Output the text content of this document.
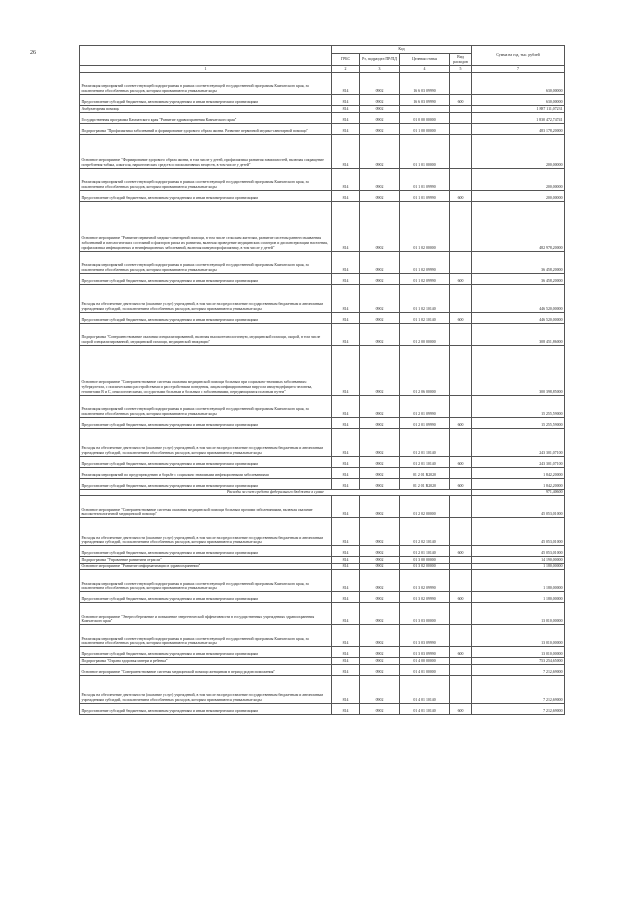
26
	Код				Сумма на год, тыс. рублей
	ГРБС	Рз, подраздел ПР/ПД	Целевая статья	Вид расходов	
1	2	3	4	5	7
Реализация мероприятий соответствующей подпрограммы в рамках соответствующей государственной программы Камчатского края, за исключением обособленных расходов, которым присваиваются уникальные коды	814	0902	16 6 03 09990		630,00000
Предоставление субсидий бюджетным, автономным учреждениям и иным некоммерческим организациям	814	0902	16 6 03 09990	600	630,00000
Амбулаторная помощь	814	0902			1 887 111,07231
Государственная программа Камчатского края "Развитие здравоохранения Камчатского края"	814	0902	01 0 00 00000		1 830 472,74741
Подпрограмма "Профилактика заболеваний и формирование здорового образа жизни. Развитие первичной медико-санитарной помощи"	814	0902	01 1 00 00000		483 178,20000
Основное мероприятие "Формирование здорового образа жизни, в том числе у детей, профилактика развития зависимостей, включая сокращение потребления табака, алкоголя, наркотических средств и психоактивных веществ, в том числе у детей"	814	0902	01 1 01 00000		200,00000
Реализация мероприятий соответствующей подпрограммы в рамках соответствующей государственной программы Камчатского края, за исключением обособленных расходов, которым присваиваются уникальные коды	814	0902	01 1 01 09990		200,00000
Предоставление субсидий бюджетным, автономным учреждениям и иным некоммерческим организациям	814	0902	01 1 01 09990	600	200,00000
Основное мероприятие "Развитие первичной медико-санитарной помощи, в том числе сельским жителям, развитие системы раннего выявления заболеваний и патологических состояний и факторов риска их развития, включая проведение медицинских осмотров и диспансеризации населения, профилактика инфекционных и неинфекционных заболеваний, включая иммунопрофилактику, в том числе у детей"	814	0902	01 1 02 00000		482 978,20000
Реализация мероприятий соответствующей подпрограммы в рамках соответствующей государственной программы Камчатского края, за исключением обособленных расходов, которым присваиваются уникальные коды	814	0902	01 1 02 09990		36 458,20000
Предоставление субсидий бюджетным, автономным учреждениям и иным некоммерческим организациям	814	0902	01 1 02 09990	600	36 458,20000
Расходы на обеспечение деятельности (оказание услуг) учреждений, в том числе на предоставление государственным бюджетным и автономным учреждениям субсидий, за исключением обособленных расходов, которым присваиваются уникальные коды	814	0902	01 1 02 10140		446 520,00000
Предоставление субсидий бюджетным, автономным учреждениям и иным некоммерческим организациям	814	0902	01 1 02 10140	600	446 520,00000
Подпрограмма "Совершенствование оказания специализированной, включая высокотехнологичную, медицинской помощи, скорой, в том числе скорой специализированной, медицинской помощи, медицинской эвакуации"	814	0902	01 2 00 00000		308 451,86000
Основное мероприятие "Совершенствование системы оказания медицинской помощи больным при социально-значимых заболеваниях: туберкулезом, с психическими расстройствами и расстройствами поведения, лицам инфицированным вирусом иммунодефицита человека, гепатитами В и С, онкологическими, сосудистыми больным и больным с заболеваниями, передающимися половым путем"	814	0902	01 2 06 00000		300 398,85000
Реализация мероприятий соответствующей подпрограммы в рамках соответствующей государственной программы Камчатского края, за исключением обособленных расходов, которым присваиваются уникальные коды	814	0902	01 2 01 09990		15 255,59000
Предоставление субсидий бюджетным, автономным учреждениям и иным некоммерческим организациям	814	0902	01 2 01 09990	600	15 255,59000
Расходы на обеспечение деятельности (оказание услуг) учреждений, в том числе на предоставление государственным бюджетным и автономным учреждениям субсидий, за исключением обособленных расходов, которым присваиваются уникальные коды	814	0902	01 2 01 10140		243 301,07100
Предоставление субсидий бюджетным, автономным учреждениям и иным некоммерческим организациям	814	0902	01 2 01 10140	600	243 301,07100
Реализация мероприятий по предупреждению и борьбе с социально значимыми инфекционными заболеваниями	814	0902	01 2 01 R2020		1 842,20000
Предоставление субсидий бюджетным, автономным учреждениям и иным некоммерческим организациям	814	0902	01 2 01 R2020	600	1 842,20000
Расходы за счет средств федерального бюджета в сумме					971,40600
Основное мероприятие "Совершенствование системы оказания медицинской помощи больным прочими заболеваниями, включая оказание высокотехнологичной медицинской помощи"	814	0902	01 2 02 00000		45 053,01000
Расходы на обеспечение деятельности (оказание услуг) учреждений, в том числе на предоставление государственным бюджетным и автономным учреждениям субсидий, за исключением обособленных расходов, которым присваиваются уникальные коды	814	0902	01 2 02 10140		45 053,01000
Предоставление субсидий бюджетным, автономным учреждениям и иным некоммерческим организациям	814	0902	01 2 01 10140	600	45 053,01000
Подпрограмма "Управление развитием отрасли"	814	0902	01 3 00 00000		14 190,00000
Основное мероприятие "Развитие информатизации в здравоохранении"	814	0902	01 3 02 00000		1 180,00000
Реализация мероприятий соответствующей подпрограммы в рамках соответствующей государственной программы Камчатского края, за исключением обособленных расходов, которым присваиваются уникальные коды	814	0902	01 3 02 09990		1 180,00000
Предоставление субсидий бюджетным, автономным учреждениям и иным некоммерческим организациям	814	0902	01 3 02 09990	600	1 180,00000
Основное мероприятие "Энергосбережение и повышение энергетической эффективности в государственных учреждениях здравоохранения Камчатского края"	814	0902	01 3 03 00000		13 010,00000
Реализация мероприятий соответствующей подпрограммы в рамках соответствующей государственной программы Камчатского края, за исключением обособленных расходов, которым присваиваются уникальные коды	814	0902	01 3 03 09990		13 010,00000
Предоставление субсидий бюджетным, автономным учреждениям и иным некоммерческим организациям	814	0902	01 3 03 09990	600	13 010,00000
Подпрограмма "Охрана здоровья матери и ребенка"	814	0902	01 4 00 00000		753 254,65000
Основное мероприятие "Совершенствование системы медицинской помощи женщинам в период родовспоможения"	814	0902	01 4 01 00000		7 212,69000
Расходы на обеспечение деятельности (оказание услуг) учреждений, в том числе на предоставление государственным бюджетным и автономным учреждениям субсидий, за исключением обособленных расходов, которым присваиваются уникальные коды	814	0902	01 4 01 10140		7 212,69000
Предоставление субсидий бюджетным, автономным учреждениям и иным некоммерческим организациям	814	0902	01 4 01 10140	600	7 212,69000
